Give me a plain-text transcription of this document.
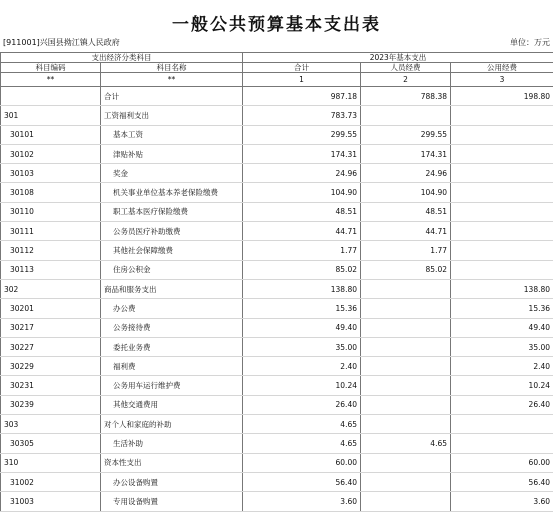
一般公共预算基本支出表
[911001]兴国县拗江镇人民政府	单位：万元
支出经济分类科目		2023年基本支出		
科目编码	科目名称	合计	人员经费	公用经费
**	**	1	2	3
	合计	987.18	788.38	198.80
301	工资福利支出	783.73		
30101	基本工资	299.55	299.55	
30102	津贴补贴	174.31	174.31	
30103	奖金	24.96	24.96	
30108	机关事业单位基本养老保险缴费	104.90	104.90	
30110	职工基本医疗保险缴费	48.51	48.51	
30111	公务员医疗补助缴费	44.71	44.71	
30112	其他社会保障缴费	1.77	1.77	
30113	住房公积金	85.02	85.02	
302	商品和服务支出	138.80		138.80
30201	办公费	15.36		15.36
30217	公务接待费	49.40		49.40
30227	委托业务费	35.00		35.00
30229	福利费	2.40		2.40
30231	公务用车运行维护费	10.24		10.24
30239	其他交通费用	26.40		26.40
303	对个人和家庭的补助	4.65		
30305	生活补助	4.65	4.65	
310	资本性支出	60.00		60.00
31002	办公设备购置	56.40		56.40
31003	专用设备购置	3.60		3.60
